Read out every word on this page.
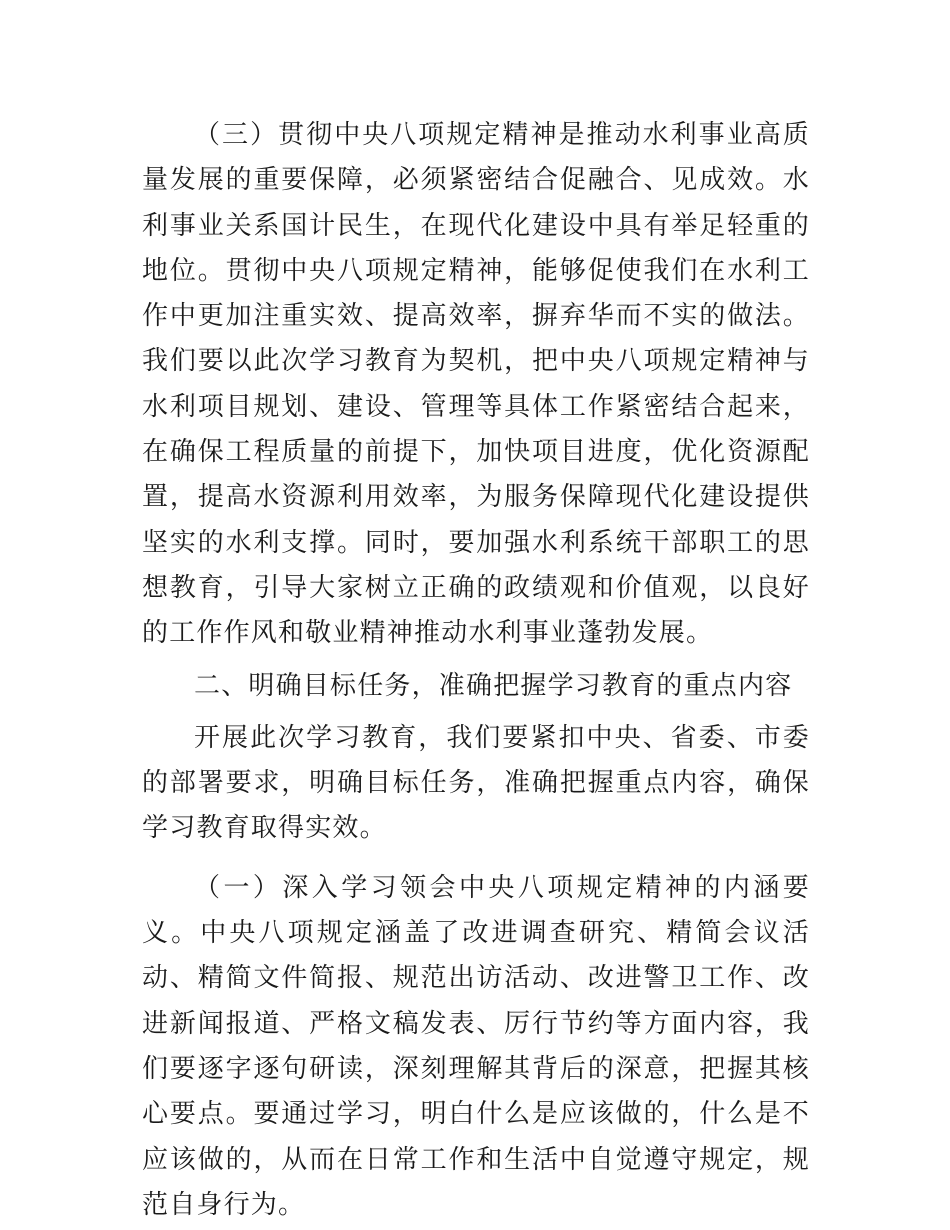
（三）贯彻中央八项规定精神是推动水利事业高质量发展的重要保障，必须紧密结合促融合、见成效。水利事业关系国计民生，在现代化建设中具有举足轻重的地位。贯彻中央八项规定精神，能够促使我们在水利工作中更加注重实效、提高效率，摒弃华而不实的做法。我们要以此次学习教育为契机，把中央八项规定精神与水利项目规划、建设、管理等具体工作紧密结合起来，在确保工程质量的前提下，加快项目进度，优化资源配置，提高水资源利用效率，为服务保障现代化建设提供坚实的水利支撑。同时，要加强水利系统干部职工的思想教育，引导大家树立正确的政绩观和价值观，以良好的工作作风和敬业精神推动水利事业蓬勃发展。

二、明确目标任务，准确把握学习教育的重点内容

开展此次学习教育，我们要紧扣中央、省委、市委的部署要求，明确目标任务，准确把握重点内容，确保学习教育取得实效。

（一）深入学习领会中央八项规定精神的内涵要义。中央八项规定涵盖了改进调查研究、精简会议活动、精简文件简报、规范出访活动、改进警卫工作、改进新闻报道、严格文稿发表、厉行节约等方面内容，我们要逐字逐句研读，深刻理解其背后的深意，把握其核心要点。要通过学习，明白什么是应该做的，什么是不应该做的，从而在日常工作和生活中自觉遵守规定，规范自身行为。
